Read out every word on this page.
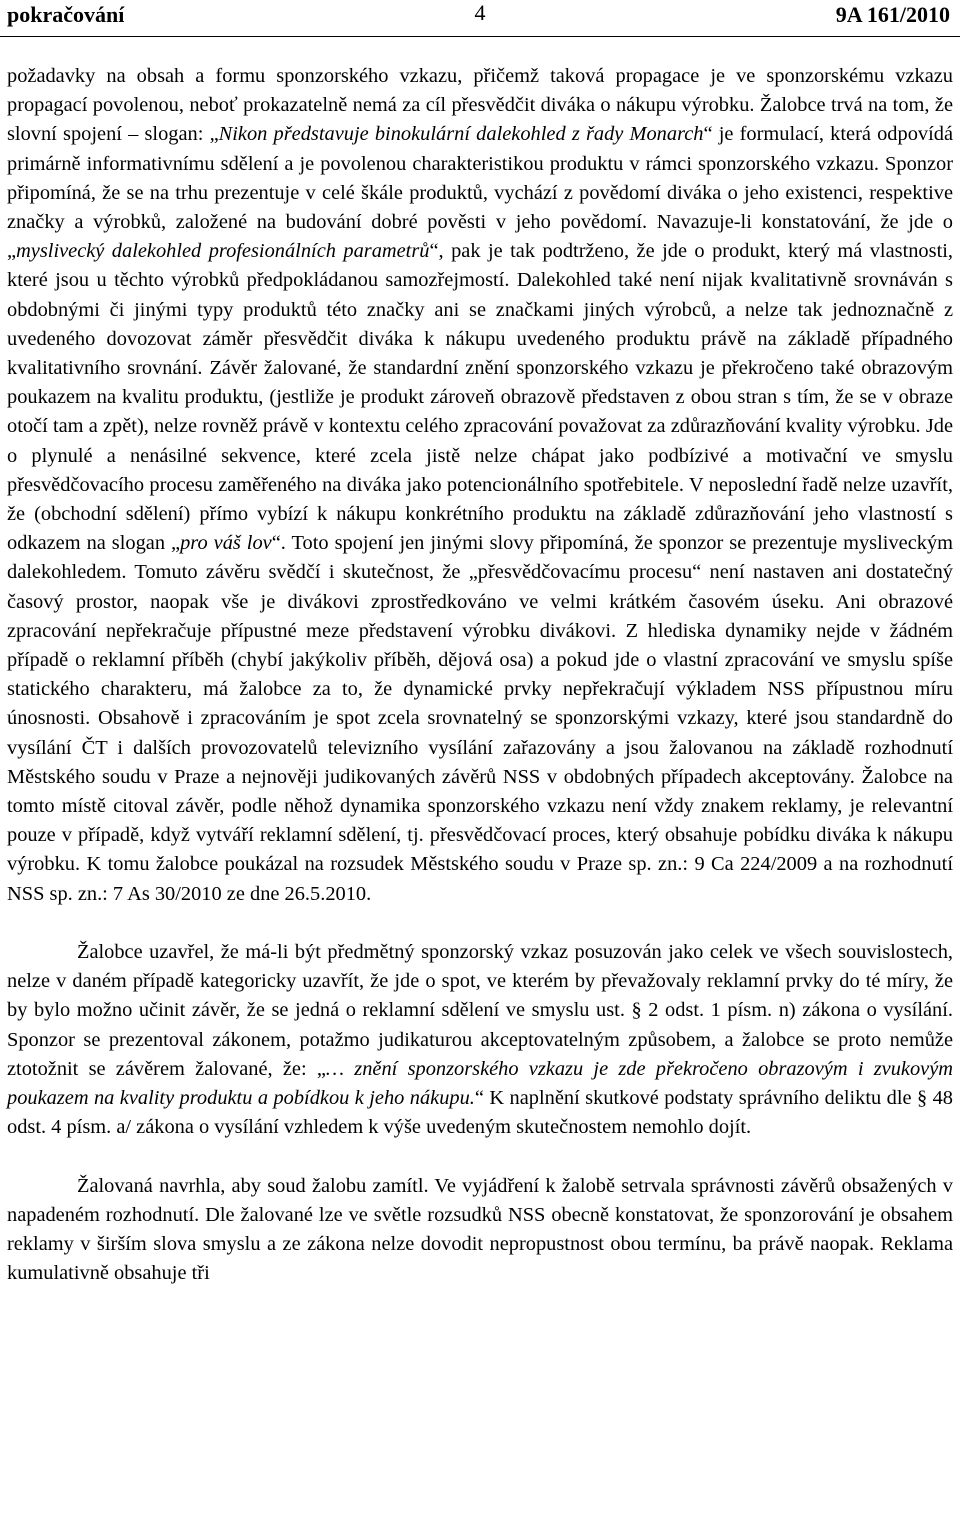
pokračování	4	9A 161/2010

požadavky na obsah a formu sponzorského vzkazu, přičemž taková propagace je ve sponzorskému vzkazu propagací povolenou, neboť prokazatelně nemá za cíl přesvědčit diváka o nákupu výrobku. Žalobce trvá na tom, že slovní spojení – slogan: „Nikon představuje binokulární dalekohled z řady Monarch“ je formulací, která odpovídá primárně informativnímu sdělení a je povolenou charakteristikou produktu v rámci sponzorského vzkazu. Sponzor připomíná, že se na trhu prezentuje v celé škále produktů, vychází z povědomí diváka o jeho existenci, respektive značky a výrobků, založené na budování dobré pověsti v jeho povědomí. Navazuje-li konstatování, že jde o „myslivecký dalekohled profesionálních parametrů“, pak je tak podtrženo, že jde o produkt, který má vlastnosti, které jsou u těchto výrobků předpokládanou samozřejmostí. Dalekohled také není nijak kvalitativně srovnáván s obdobnými či jinými typy produktů této značky ani se značkami jiných výrobců, a nelze tak jednoznačně z uvedeného dovozovat záměr přesvědčit diváka k nákupu uvedeného produktu právě na základě případného kvalitativního srovnání. Závěr žalované, že standardní znění sponzorského vzkazu je překročeno také obrazovým poukazem na kvalitu produktu, (jestliže je produkt zároveň obrazově představen z obou stran s tím, že se v obraze otočí tam a zpět), nelze rovněž právě v kontextu celého zpracování považovat za zdůrazňování kvality výrobku. Jde o plynulé a nenásilné sekvence, které zcela jistě nelze chápat jako podbízivé a motivační ve smyslu přesvědčovacího procesu zaměřeného na diváka jako potencionálního spotřebitele. V neposlední řadě nelze uzavřít, že (obchodní sdělení) přímo vybízí k nákupu konkrétního produktu na základě zdůrazňování jeho vlastností s odkazem na slogan „pro váš lov“. Toto spojení jen jinými slovy připomíná, že sponzor se prezentuje mysliveckým dalekohledem. Tomuto závěru svědčí i skutečnost, že „přesvědčovacímu procesu“ není nastaven ani dostatečný časový prostor, naopak vše je divákovi zprostředkováno ve velmi krátkém časovém úseku. Ani obrazové zpracování nepřekračuje přípustné meze představení výrobku divákovi. Z hlediska dynamiky nejde v žádném případě o reklamní příběh (chybí jakýkoliv příběh, dějová osa) a pokud jde o vlastní zpracování ve smyslu spíše statického charakteru, má žalobce za to, že dynamické prvky nepřekračují výkladem NSS přípustnou míru únosnosti. Obsahově i zpracováním je spot zcela srovnatelný se sponzorskými vzkazy, které jsou standardně do vysílání ČT i dalších provozovatelů televizního vysílání zařazovány a jsou žalovanou na základě rozhodnutí Městského soudu v Praze a nejnověji judikovaných závěrů NSS v obdobných případech akceptovány. Žalobce na tomto místě citoval závěr, podle něhož dynamika sponzorského vzkazu není vždy znakem reklamy, je relevantní pouze v případě, když vytváří reklamní sdělení, tj. přesvědčovací proces, který obsahuje pobídku diváka k nákupu výrobku. K tomu žalobce poukázal na rozsudek Městského soudu v Praze sp. zn.: 9 Ca 224/2009 a na rozhodnutí NSS sp. zn.: 7 As 30/2010 ze dne 26.5.2010.

Žalobce uzavřel, že má-li být předmětný sponzorský vzkaz posuzován jako celek ve všech souvislostech, nelze v daném případě kategoricky uzavřít, že jde o spot, ve kterém by převažovaly reklamní prvky do té míry, že by bylo možno učinit závěr, že se jedná o reklamní sdělení ve smyslu ust. § 2 odst. 1 písm. n) zákona o vysílání. Sponzor se prezentoval zákonem, potažmo judikaturou akceptovatelným způsobem, a žalobce se proto nemůže ztotožnit se závěrem žalované, že: „… znění sponzorského vzkazu je zde překročeno obrazovým i zvukovým poukazem na kvality produktu a pobídkou k jeho nákupu.“ K naplnění skutkové podstaty správního deliktu dle § 48 odst. 4 písm. a/ zákona o vysílání vzhledem k výše uvedeným skutečnostem nemohlo dojít.

Žalovaná navrhla, aby soud žalobu zamítl. Ve vyjádření k žalobě setrvala správnosti závěrů obsažených v napadeném rozhodnutí. Dle žalované lze ve světle rozsudků NSS obecně konstatovat, že sponzorování je obsahem reklamy v širším slova smyslu a ze zákona nelze dovodit nepropustnost obou termínu, ba právě naopak. Reklama kumulativně obsahuje tři
